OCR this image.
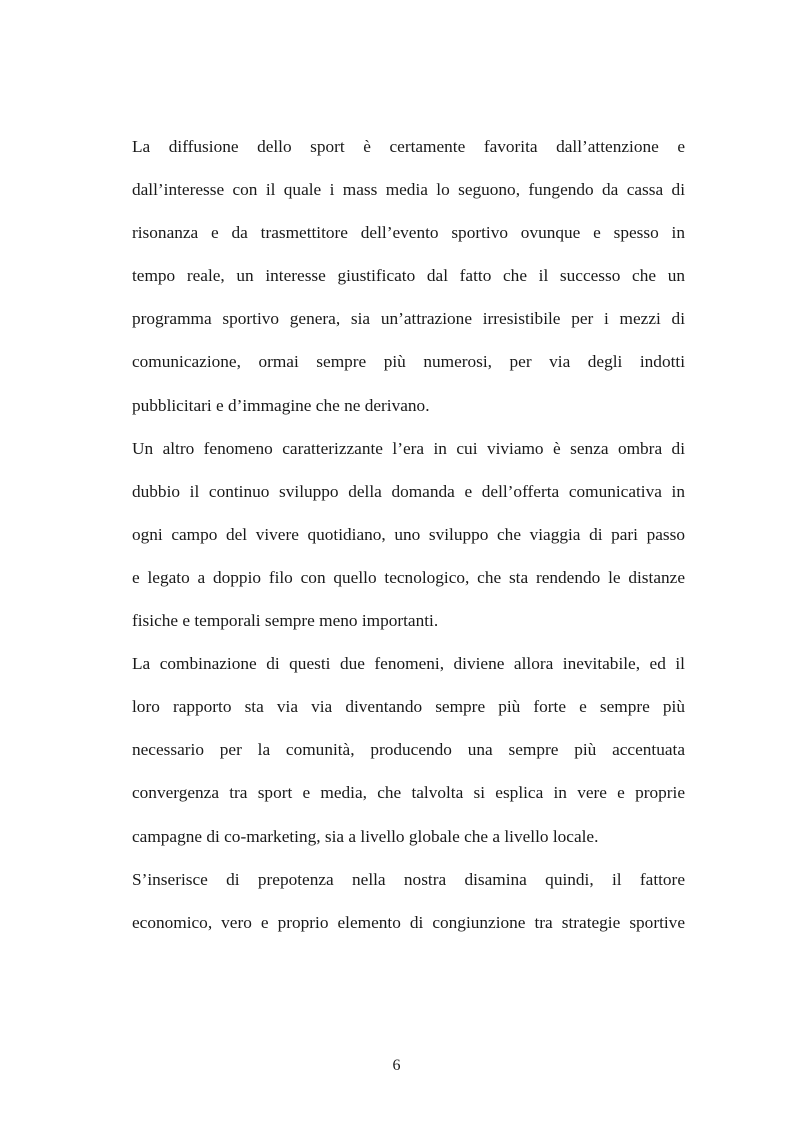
La diffusione dello sport è certamente favorita dall’attenzione e
dall’interesse con il quale i mass media lo seguono, fungendo da cassa di
risonanza e da trasmettitore dell’evento sportivo ovunque e spesso in
tempo reale, un interesse giustificato dal fatto che il successo che un
programma sportivo genera, sia un’attrazione irresistibile per i mezzi di
comunicazione, ormai sempre più numerosi, per via degli indotti
pubblicitari e d’immagine che ne derivano.
Un altro fenomeno caratterizzante l’era in cui viviamo è senza ombra di
dubbio il continuo sviluppo della domanda e dell’offerta comunicativa in
ogni campo del vivere quotidiano, uno sviluppo che viaggia di pari passo
e legato a doppio filo con quello tecnologico, che sta rendendo le distanze
fisiche e temporali sempre meno importanti.
La combinazione di questi due fenomeni, diviene allora inevitabile, ed il
loro rapporto sta via via diventando sempre più forte e sempre più
necessario per la comunità, producendo una sempre più accentuata
convergenza tra sport e media, che talvolta si esplica in vere e proprie
campagne di co-marketing, sia a livello globale che a livello locale.
S’inserisce di prepotenza nella nostra disamina quindi, il fattore
economico, vero e proprio elemento di congiunzione tra strategie sportive
6
